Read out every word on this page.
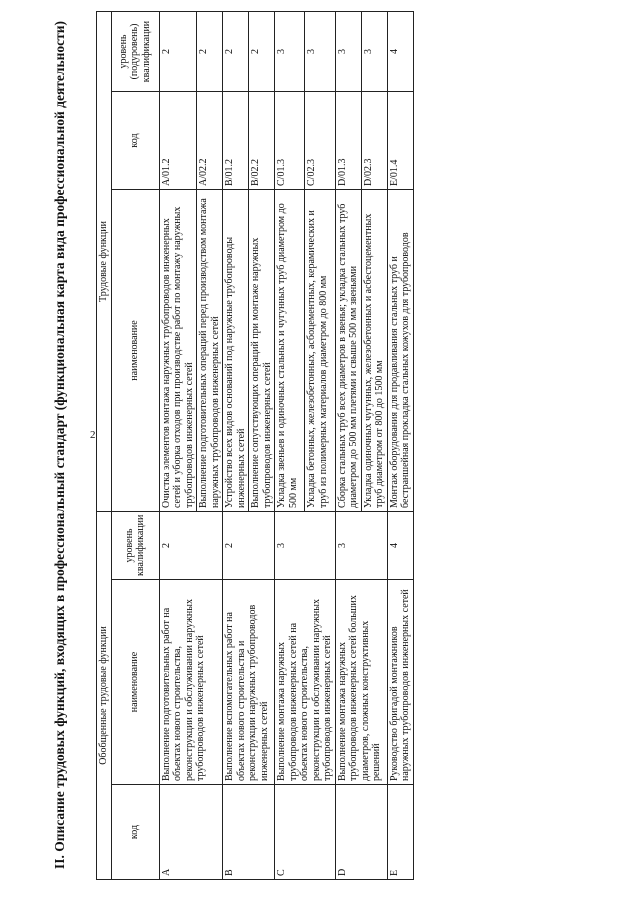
2
II. Описание трудовых функций, входящих в профессиональный стандарт (функциональная карта вида профессиональной деятельности)	Обобщенные трудовые функции			Трудовые функции		
код	наименование	уровень квалификации	наименование	код	уровень (подуровень) квалификации
A	Выполнение подготовительных работ на объектах нового строительства, реконструкции и обслуживании наружных трубопроводов инженерных сетей	2	Очистка элементов монтажа наружных трубопроводов инженерных сетей и уборка отходов при производстве работ по монтажу наружных трубопроводов инженерных сетей	A/01.2	2
			Выполнение подготовительных операций перед производством монтажа наружных трубопроводов инженерных сетей	A/02.2	2
B	Выполнение вспомогательных работ на объектах нового строительства и реконструкции наружных трубопроводов инженерных сетей	2	Устройство всех видов оснований под наружные трубопроводы инженерных сетей	B/01.2	2
			Выполнение сопутствующих операций при монтаже наружных трубопроводов инженерных сетей	B/02.2	2
C	Выполнение монтажа наружных трубопроводов инженерных сетей на объектах нового строительства, реконструкции и обслуживании наружных трубопроводов инженерных сетей	3	Укладка звеньев и одиночных стальных и чугунных труб диаметром до 500 мм	C/01.3	3
			Укладка бетонных, железобетонных, асбоцементных, керамических и труб из полимерных материалов диаметром до 800 мм	C/02.3	3
D	Выполнение монтажа наружных трубопроводов инженерных сетей больших диаметров, сложных конструктивных решений	3	Сборка стальных труб всех диаметров в звенья; укладка стальных труб диаметром до 500 мм плетями и свыше 500 мм звеньями	D/01.3	3
			Укладка одиночных чугунных, железобетонных и асбестоцементных труб диаметром от 800 до 1500 мм	D/02.3	3
E	Руководство бригадой монтажников наружных трубопроводов инженерных сетей	4	Монтаж оборудования для продавливания стальных труб и бестраншейная прокладка стальных кожухов для трубопроводов	E/01.4	4
